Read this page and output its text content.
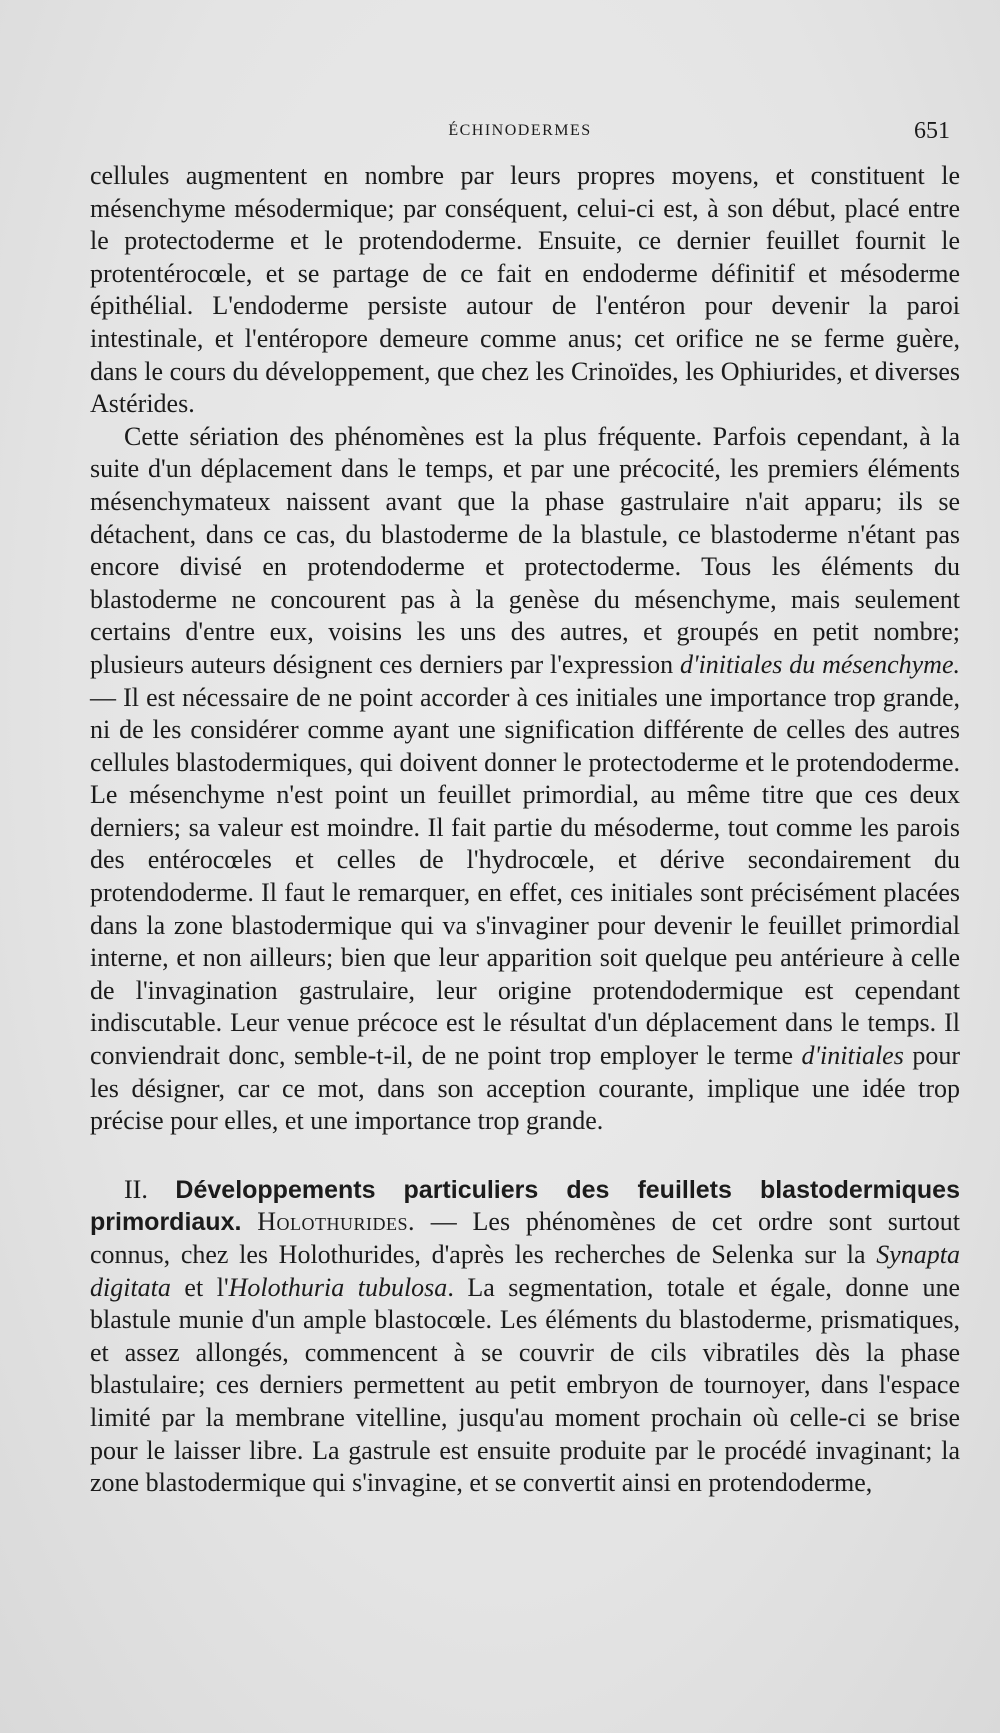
ÉCHINODERMES	651

cellules augmentent en nombre par leurs propres moyens, et constituent le mésenchyme mésodermique; par conséquent, celui-ci est, à son début, placé entre le protectoderme et le protendoderme. Ensuite, ce dernier feuillet fournit le protentérocœle, et se partage de ce fait en endoderme définitif et mésoderme épithélial. L'endoderme persiste autour de l'entéron pour devenir la paroi intestinale, et l'entéropore demeure comme anus; cet orifice ne se ferme guère, dans le cours du développement, que chez les Crinoïdes, les Ophiurides, et diverses Astérides.

Cette sériation des phénomènes est la plus fréquente. Parfois cependant, à la suite d'un déplacement dans le temps, et par une précocité, les premiers éléments mésenchymateux naissent avant que la phase gastrulaire n'ait apparu; ils se détachent, dans ce cas, du blastoderme de la blastule, ce blastoderme n'étant pas encore divisé en protendoderme et protectoderme. Tous les éléments du blastoderme ne concourent pas à la genèse du mésenchyme, mais seulement certains d'entre eux, voisins les uns des autres, et groupés en petit nombre; plusieurs auteurs désignent ces derniers par l'expression d'initiales du mésenchyme. — Il est nécessaire de ne point accorder à ces initiales une importance trop grande, ni de les considérer comme ayant une signification différente de celles des autres cellules blastodermiques, qui doivent donner le protectoderme et le protendoderme. Le mésenchyme n'est point un feuillet primordial, au même titre que ces deux derniers; sa valeur est moindre. Il fait partie du mésoderme, tout comme les parois des entérocœles et celles de l'hydrocœle, et dérive secondairement du protendoderme. Il faut le remarquer, en effet, ces initiales sont précisément placées dans la zone blastodermique qui va s'invaginer pour devenir le feuillet primordial interne, et non ailleurs; bien que leur apparition soit quelque peu antérieure à celle de l'invagination gastrulaire, leur origine protendodermique est cependant indiscutable. Leur venue précoce est le résultat d'un déplacement dans le temps. Il conviendrait donc, semble-t-il, de ne point trop employer le terme d'initiales pour les désigner, car ce mot, dans son acception courante, implique une idée trop précise pour elles, et une importance trop grande.

II. Développements particuliers des feuillets blastodermiques primordiaux. Holothurides. — Les phénomènes de cet ordre sont surtout connus, chez les Holothurides, d'après les recherches de Selenka sur la Synapta digitata et l'Holothuria tubulosa. La segmentation, totale et égale, donne une blastule munie d'un ample blastocœle. Les éléments du blastoderme, prismatiques, et assez allongés, commencent à se couvrir de cils vibratiles dès la phase blastulaire; ces derniers permettent au petit embryon de tournoyer, dans l'espace limité par la membrane vitelline, jusqu'au moment prochain où celle-ci se brise pour le laisser libre. La gastrule est ensuite produite par le procédé invaginant; la zone blastodermique qui s'invagine, et se convertit ainsi en protendoderme,
